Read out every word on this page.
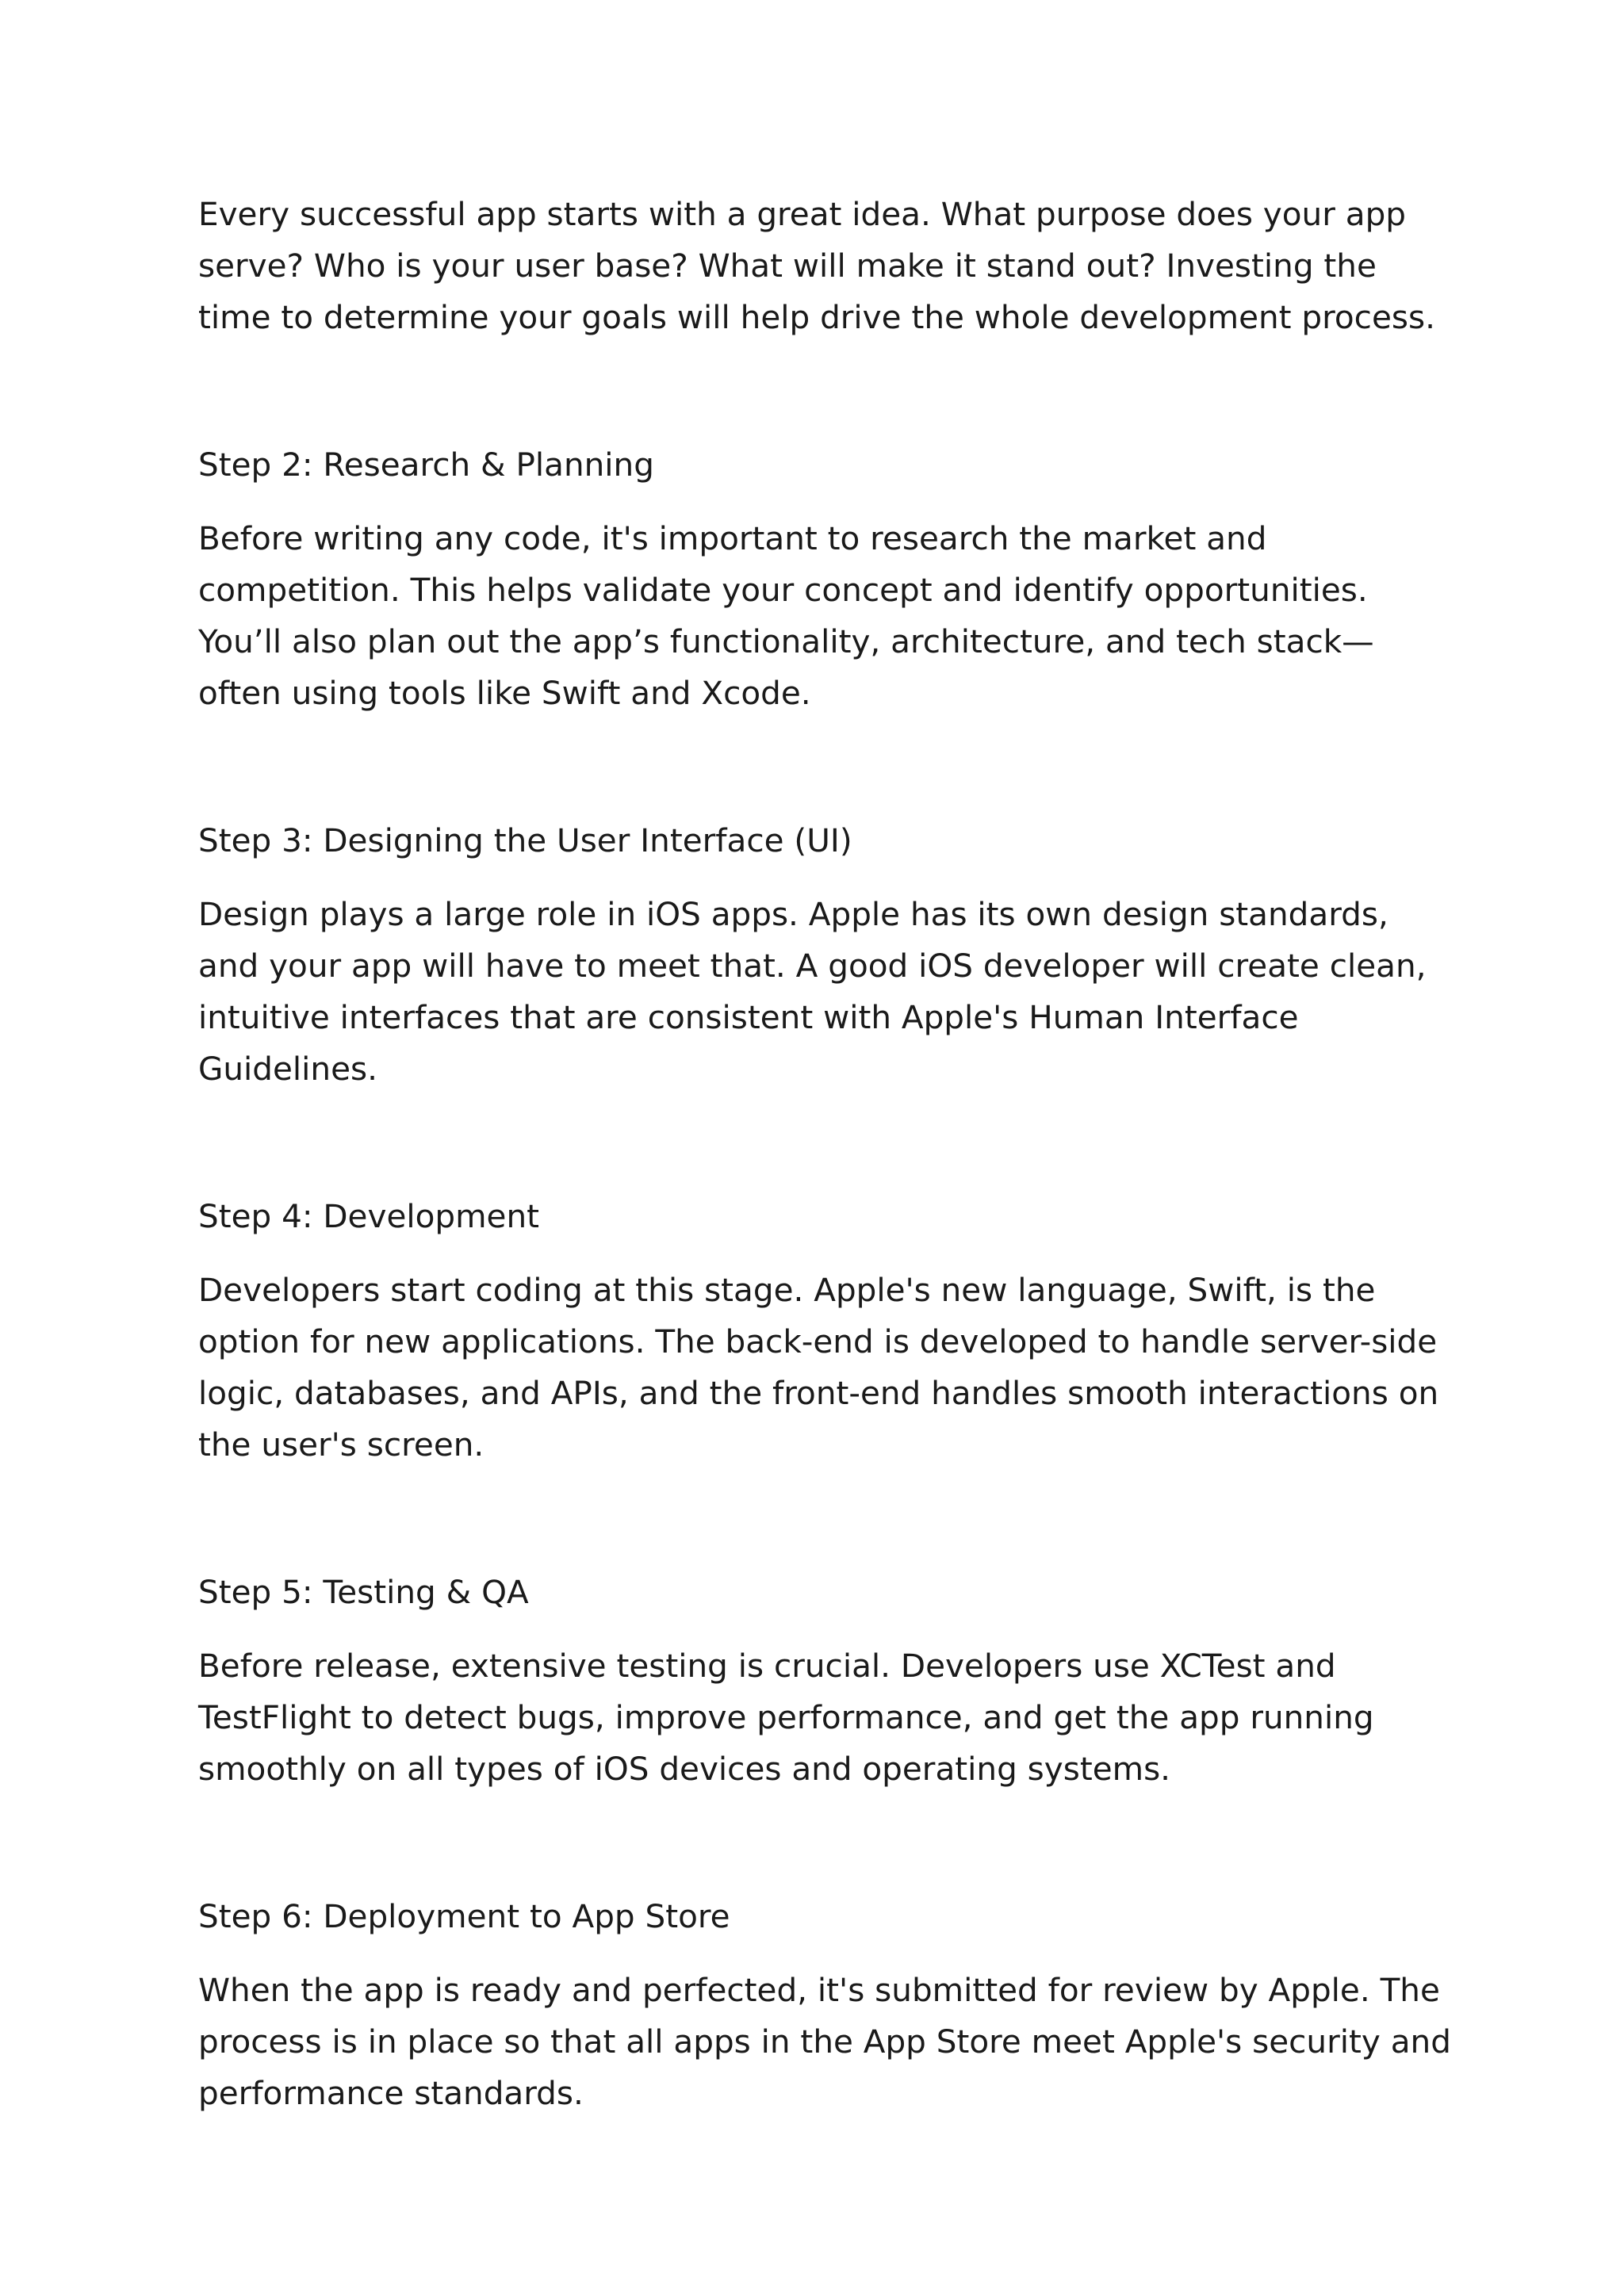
Every successful app starts with a great idea. What purpose does your app serve? Who is your user base? What will make it stand out? Investing the time to determine your goals will help drive the whole development process.

Step 2: Research & Planning

Before writing any code, it's important to research the market and competition. This helps validate your concept and identify opportunities. You’ll also plan out the app’s functionality, architecture, and tech stack—often using tools like Swift and Xcode.

Step 3: Designing the User Interface (UI)

Design plays a large role in iOS apps. Apple has its own design standards, and your app will have to meet that. A good iOS developer will create clean, intuitive interfaces that are consistent with Apple's Human Interface Guidelines.

Step 4: Development

Developers start coding at this stage. Apple's new language, Swift, is the option for new applications. The back-end is developed to handle server-side logic, databases, and APIs, and the front-end handles smooth interactions on the user's screen.

Step 5: Testing & QA

Before release, extensive testing is crucial. Developers use XCTest and TestFlight to detect bugs, improve performance, and get the app running smoothly on all types of iOS devices and operating systems.

Step 6: Deployment to App Store

When the app is ready and perfected, it's submitted for review by Apple. The process is in place so that all apps in the App Store meet Apple's security and performance standards.
